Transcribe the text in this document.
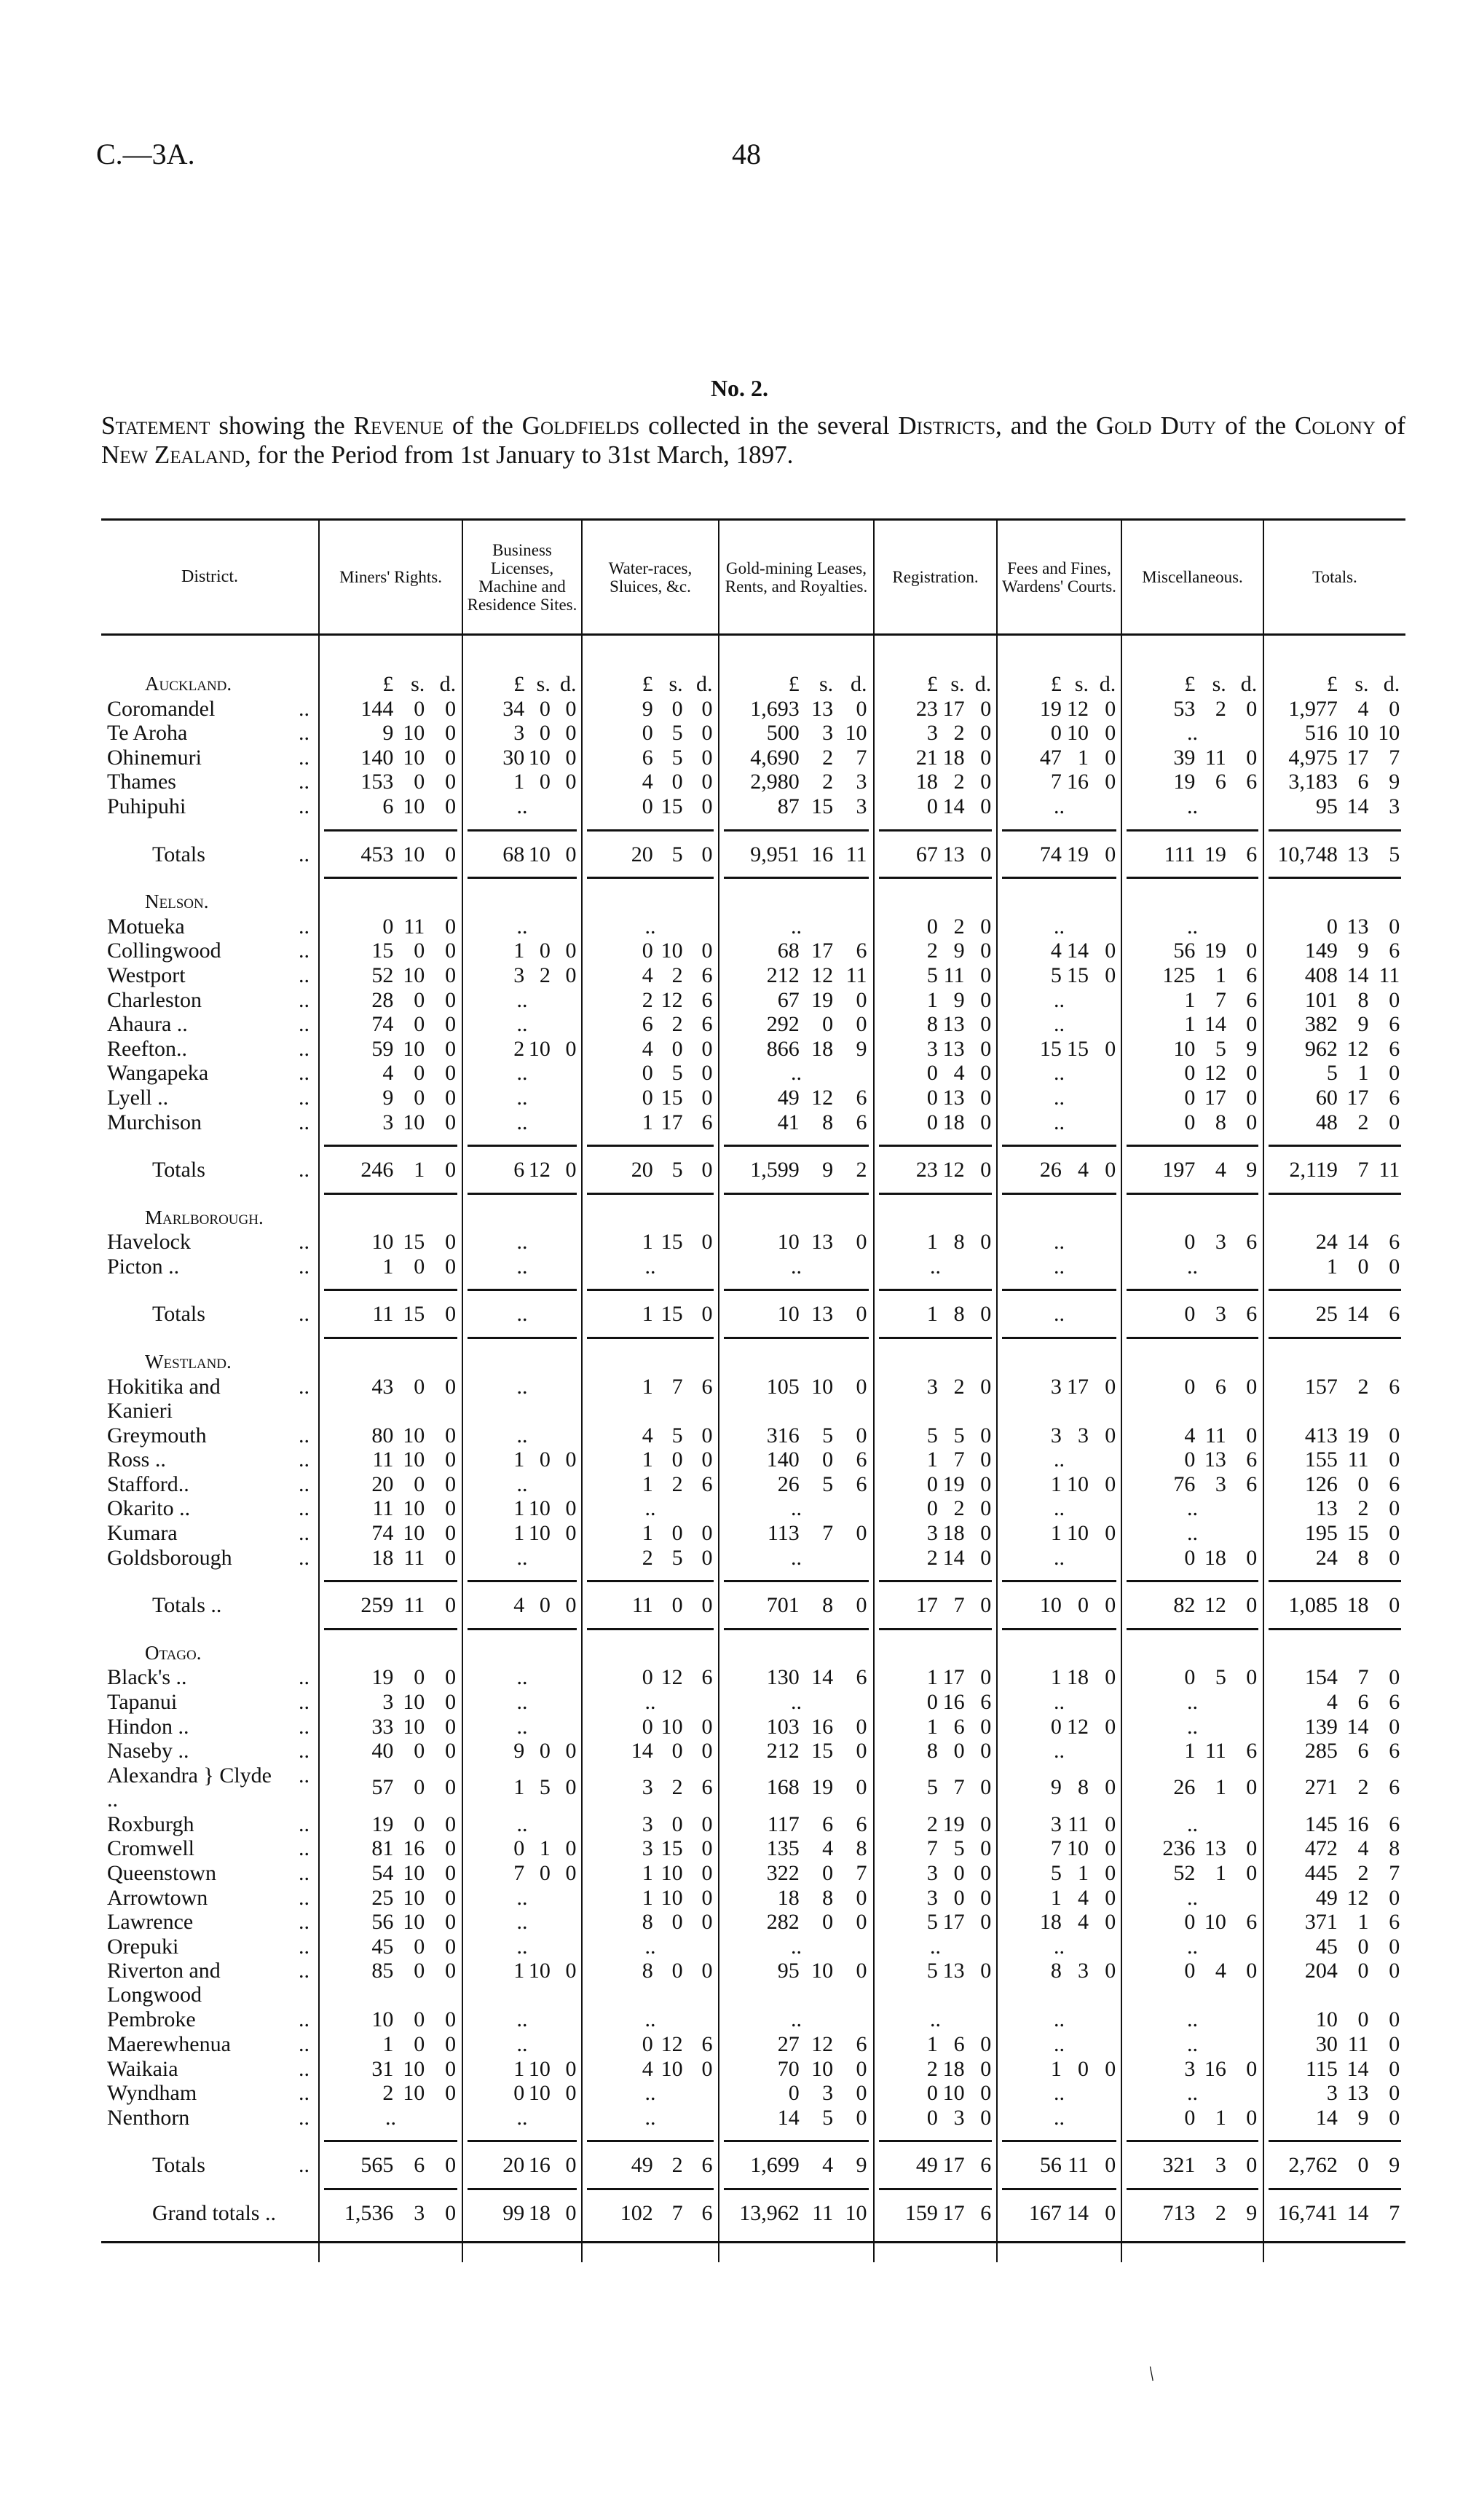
C.—3A.	48
No. 2.
Statement showing the Revenue of the Goldfields collected in the several Districts, and the Gold Duty of the Colony of New Zealand, for the Period from 1st January to 31st March, 1897.
District.	Miners' Rights.	Business Licenses, Machine and Residence Sites.	Water-races, Sluices, &c.	Gold-mining Leases, Rents, and Royalties.	Registration.	Fees and Fines, Wardens' Courts.	Miscellaneous.	Totals.

Auckland.	£ s. d.	£ s. d.	£ s. d.	£ s. d.	£ s. d.	£ s. d.	£ s. d.	£ s. d.

Coromandel ..	144 0 0	34 0 0	9 0 0	1,693 13 0	23 17 0	19 12 0	53 2 0	1,977 4 0

Te Aroha ..	9 10 0	3 0 0	0 5 0	500 3 10	3 2 0	0 10 0	..	516 10 10

Ohinemuri ..	140 10 0	30 10 0	6 5 0	4,690 2 7	21 18 0	47 1 0	39 11 0	4,975 17 7

Thames ..	153 0 0	1 0 0	4 0 0	2,980 2 3	18 2 0	7 16 0	19 6 6	3,183 6 9

Puhipuhi ..	6 10 0	..	0 15 0	87 15 3	0 14 0	..	..	95 14 3

Totals ..	453 10 0	68 10 0	20 5 0	9,951 16 11	67 13 0	74 19 0	111 19 6	10,748 13 5

Nelson.								
Motueka ..	0 11 0	..	..	..	0 2 0	..	..	0 13 0

Collingwood ..	15 0 0	1 0 0	0 10 0	68 17 6	2 9 0	4 14 0	56 19 0	149 9 6

Westport ..	52 10 0	3 2 0	4 2 6	212 12 11	5 11 0	5 15 0	125 1 6	408 14 11

Charleston ..	28 0 0	..	2 12 6	67 19 0	1 9 0	..	1 7 6	101 8 0

Ahaura .. ..	74 0 0	..	6 2 6	292 0 0	8 13 0	..	1 14 0	382 9 6

Reefton.. ..	59 10 0	2 10 0	4 0 0	866 18 9	3 13 0	15 15 0	10 5 9	962 12 6

Wangapeka ..	4 0 0	..	0 5 0	..	0 4 0	..	0 12 0	5 1 0

Lyell .. ..	9 0 0	..	0 15 0	49 12 6	0 13 0	..	0 17 0	60 17 6

Murchison ..	3 10 0	..	1 17 6	41 8 6	0 18 0	..	0 8 0	48 2 0

Totals ..	246 1 0	6 12 0	20 5 0	1,599 9 2	23 12 0	26 4 0	197 4 9	2,119 7 11

Marlborough.								
Havelock ..	10 15 0	..	1 15 0	10 13 0	1 8 0	..	0 3 6	24 14 6

Picton .. ..	1 0 0	..	..	..	..	..	..	1 0 0

Totals ..	11 15 0	..	1 15 0	10 13 0	1 8 0	..	0 3 6	25 14 6

Westland.								

Hokitika and Kanieri
..	43 0 0	..	1 7 6	105 10 0	3 2 0	3 17 0	0 6 0	157 2 6

Greymouth ..	80 10 0	..	4 5 0	316 5 0	5 5 0	3 3 0	4 11 0	413 19 0

Ross .. ..	11 10 0	1 0 0	1 0 0	140 0 6	1 7 0	..	0 13 6	155 11 0

Stafford.. ..	20 0 0	..	1 2 6	26 5 6	0 19 0	1 10 0	76 3 6	126 0 6

Okarito .. ..	11 10 0	1 10 0	..	..	0 2 0	..	..	13 2 0

Kumara ..	74 10 0	1 10 0	1 0 0	113 7 0	3 18 0	1 10 0	..	195 15 0

Goldsborough ..	18 11 0	..	2 5 0	..	2 14 0	..	0 18 0	24 8 0

Totals ..	259 11 0	4 0 0	11 0 0	701 8 0	17 7 0	10 0 0	82 12 0	1,085 18 0

Otago.								
Black's .. ..	19 0 0	..	0 12 6	130 14 6	1 17 0	1 18 0	0 5 0	154 7 0

Tapanui ..	3 10 0	..	..	..	0 16 6	..	..	4 6 6

Hindon .. ..	33 10 0	..	0 10 0	103 16 0	1 6 0	0 12 0	..	139 14 0

Naseby .. ..	40 0 0	9 0 0	14 0 0	212 15 0	8 0 0	..	1 11 6	285 6 6

Alexandra } Clyde ..
..	57 0 0	1 5 0	3 2 6	168 19 0	5 7 0	9 8 0	26 1 0	271 2 6

Roxburgh ..	19 0 0	..	3 0 0	117 6 6	2 19 0	3 11 0	..	145 16 6

Cromwell ..	81 16 0	0 1 0	3 15 0	135 4 8	7 5 0	7 10 0	236 13 0	472 4 8

Queenstown ..	54 10 0	7 0 0	1 10 0	322 0 7	3 0 0	5 1 0	52 1 0	445 2 7

Arrowtown ..	25 10 0	..	1 10 0	18 8 0	3 0 0	1 4 0	..	49 12 0

Lawrence ..	56 10 0	..	8 0 0	282 0 0	5 17 0	18 4 0	0 10 6	371 1 6

Orepuki ..	45 0 0	..	..	..	..	..	..	45 0 0

Riverton and Longwood
..	85 0 0	1 10 0	8 0 0	95 10 0	5 13 0	8 3 0	0 4 0	204 0 0

Pembroke ..	10 0 0	..	..	..	..	..	..	10 0 0

Maerewhenua ..	1 0 0	..	0 12 6	27 12 6	1 6 0	..	..	30 11 0

Waikaia ..	31 10 0	1 10 0	4 10 0	70 10 0	2 18 0	1 0 0	3 16 0	115 14 0

Wyndham ..	2 10 0	0 10 0	..	0 3 0	0 10 0	..	..	3 13 0

Nenthorn ..	..	..	..	14 5 0	0 3 0	..	0 1 0	14 9 0

Totals ..	565 6 0	20 16 0	49 2 6	1,699 4 9	49 17 6	56 11 0	321 3 0	2,762 0 9

Grand totals ..	1,536 3 0	99 18 0	102 7 6	13,962 11 10	159 17 6	167 14 0	713 2 9	16,741 14 7

/
